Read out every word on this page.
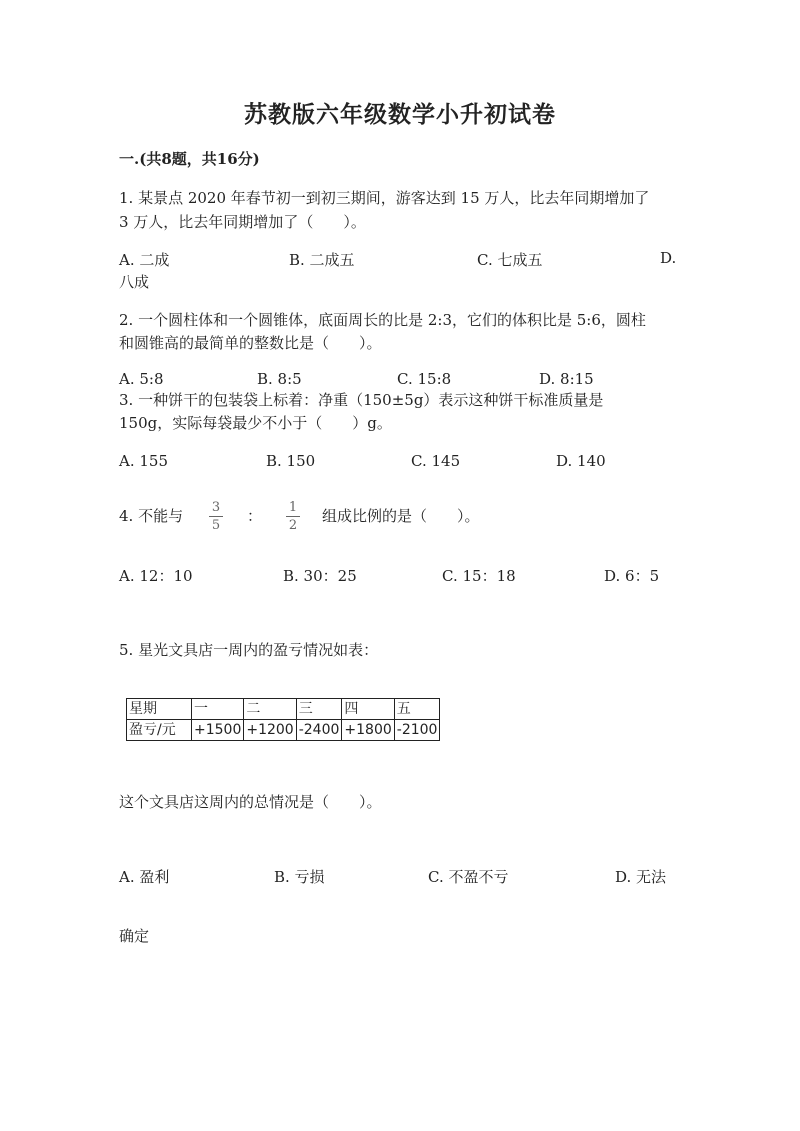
苏教版六年级数学小升初试卷
一.(共8题，共16分)
1. 某景点 2020 年春节初一到初三期间，游客达到 15 万人，比去年同期增加了
3 万人，比去年同期增加了（　　）。
A. 二成	B. 二成五	C. 七成五	D.
八成
2. 一个圆柱体和一个圆锥体，底面周长的比是 2:3，它们的体积比是 5:6，圆柱
和圆锥高的最简单的整数比是（　　）。
A. 5:8	B. 8:5	C. 15:8	D. 8:15
3. 一种饼干的包装袋上标着：净重（150±5g）表示这种饼干标准质量是
150g，实际每袋最少不小于（　　）g。
A. 155	B. 150	C. 145	D. 140
4. 不能与 3
5
： 1
2
组成比例的是（　　）。
A. 12：10	B. 30：25	C. 15：18	D. 6：5
5. 星光文具店一周内的盈亏情况如表：
星期	一	二	三	四	五
盈亏/元	+1500	+1200	-2400	+1800	-2100
这个文具店这周内的总情况是（　　）。
A. 盈利	B. 亏损	C. 不盈不亏	D. 无法
确定
